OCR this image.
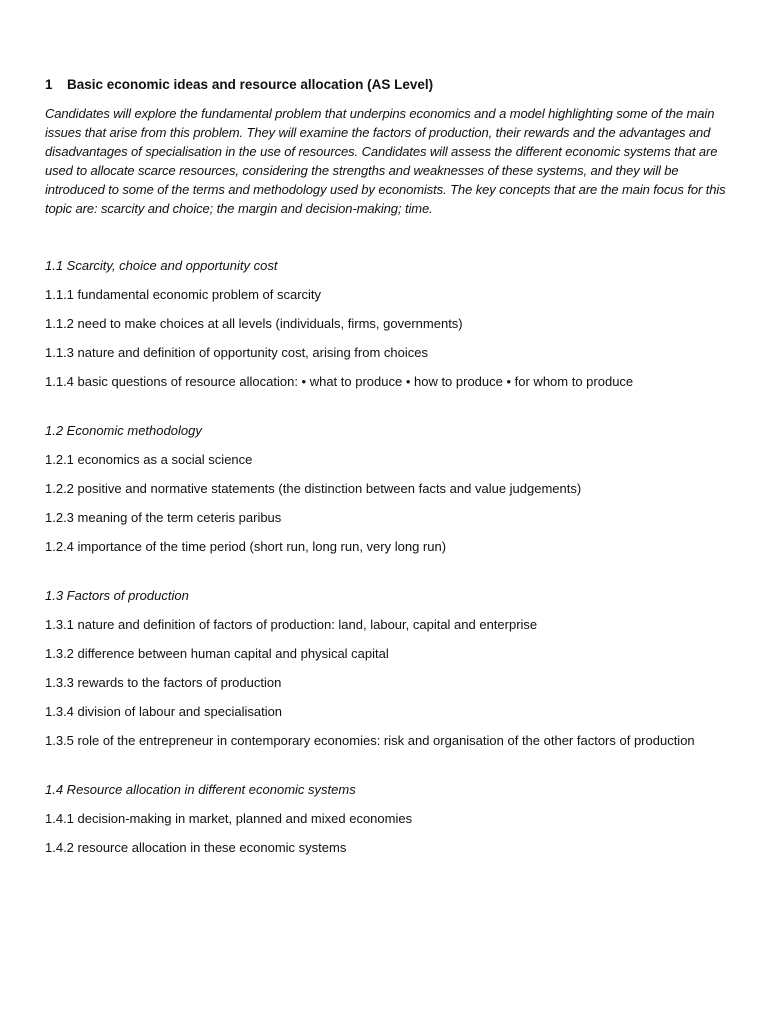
1 Basic economic ideas and resource allocation (AS Level)

Candidates will explore the fundamental problem that underpins economics and a model highlighting some of the main issues that arise from this problem. They will examine the factors of production, their rewards and the advantages and disadvantages of specialisation in the use of resources. Candidates will assess the different economic systems that are used to allocate scarce resources, considering the strengths and weaknesses of these systems, and they will be introduced to some of the terms and methodology used by economists. The key concepts that are the main focus for this topic are: scarcity and choice; the margin and decision-making; time.

1.1 Scarcity, choice and opportunity cost
1.1.1 fundamental economic problem of scarcity
1.1.2 need to make choices at all levels (individuals, firms, governments)
1.1.3 nature and definition of opportunity cost, arising from choices
1.1.4 basic questions of resource allocation: • what to produce • how to produce • for whom to produce
1.2 Economic methodology
1.2.1 economics as a social science
1.2.2 positive and normative statements (the distinction between facts and value judgements)
1.2.3 meaning of the term ceteris paribus
1.2.4 importance of the time period (short run, long run, very long run)
1.3 Factors of production
1.3.1 nature and definition of factors of production: land, labour, capital and enterprise
1.3.2 difference between human capital and physical capital
1.3.3 rewards to the factors of production
1.3.4 division of labour and specialisation
1.3.5 role of the entrepreneur in contemporary economies: risk and organisation of the other factors of production
1.4 Resource allocation in different economic systems
1.4.1 decision-making in market, planned and mixed economies
1.4.2 resource allocation in these economic systems
